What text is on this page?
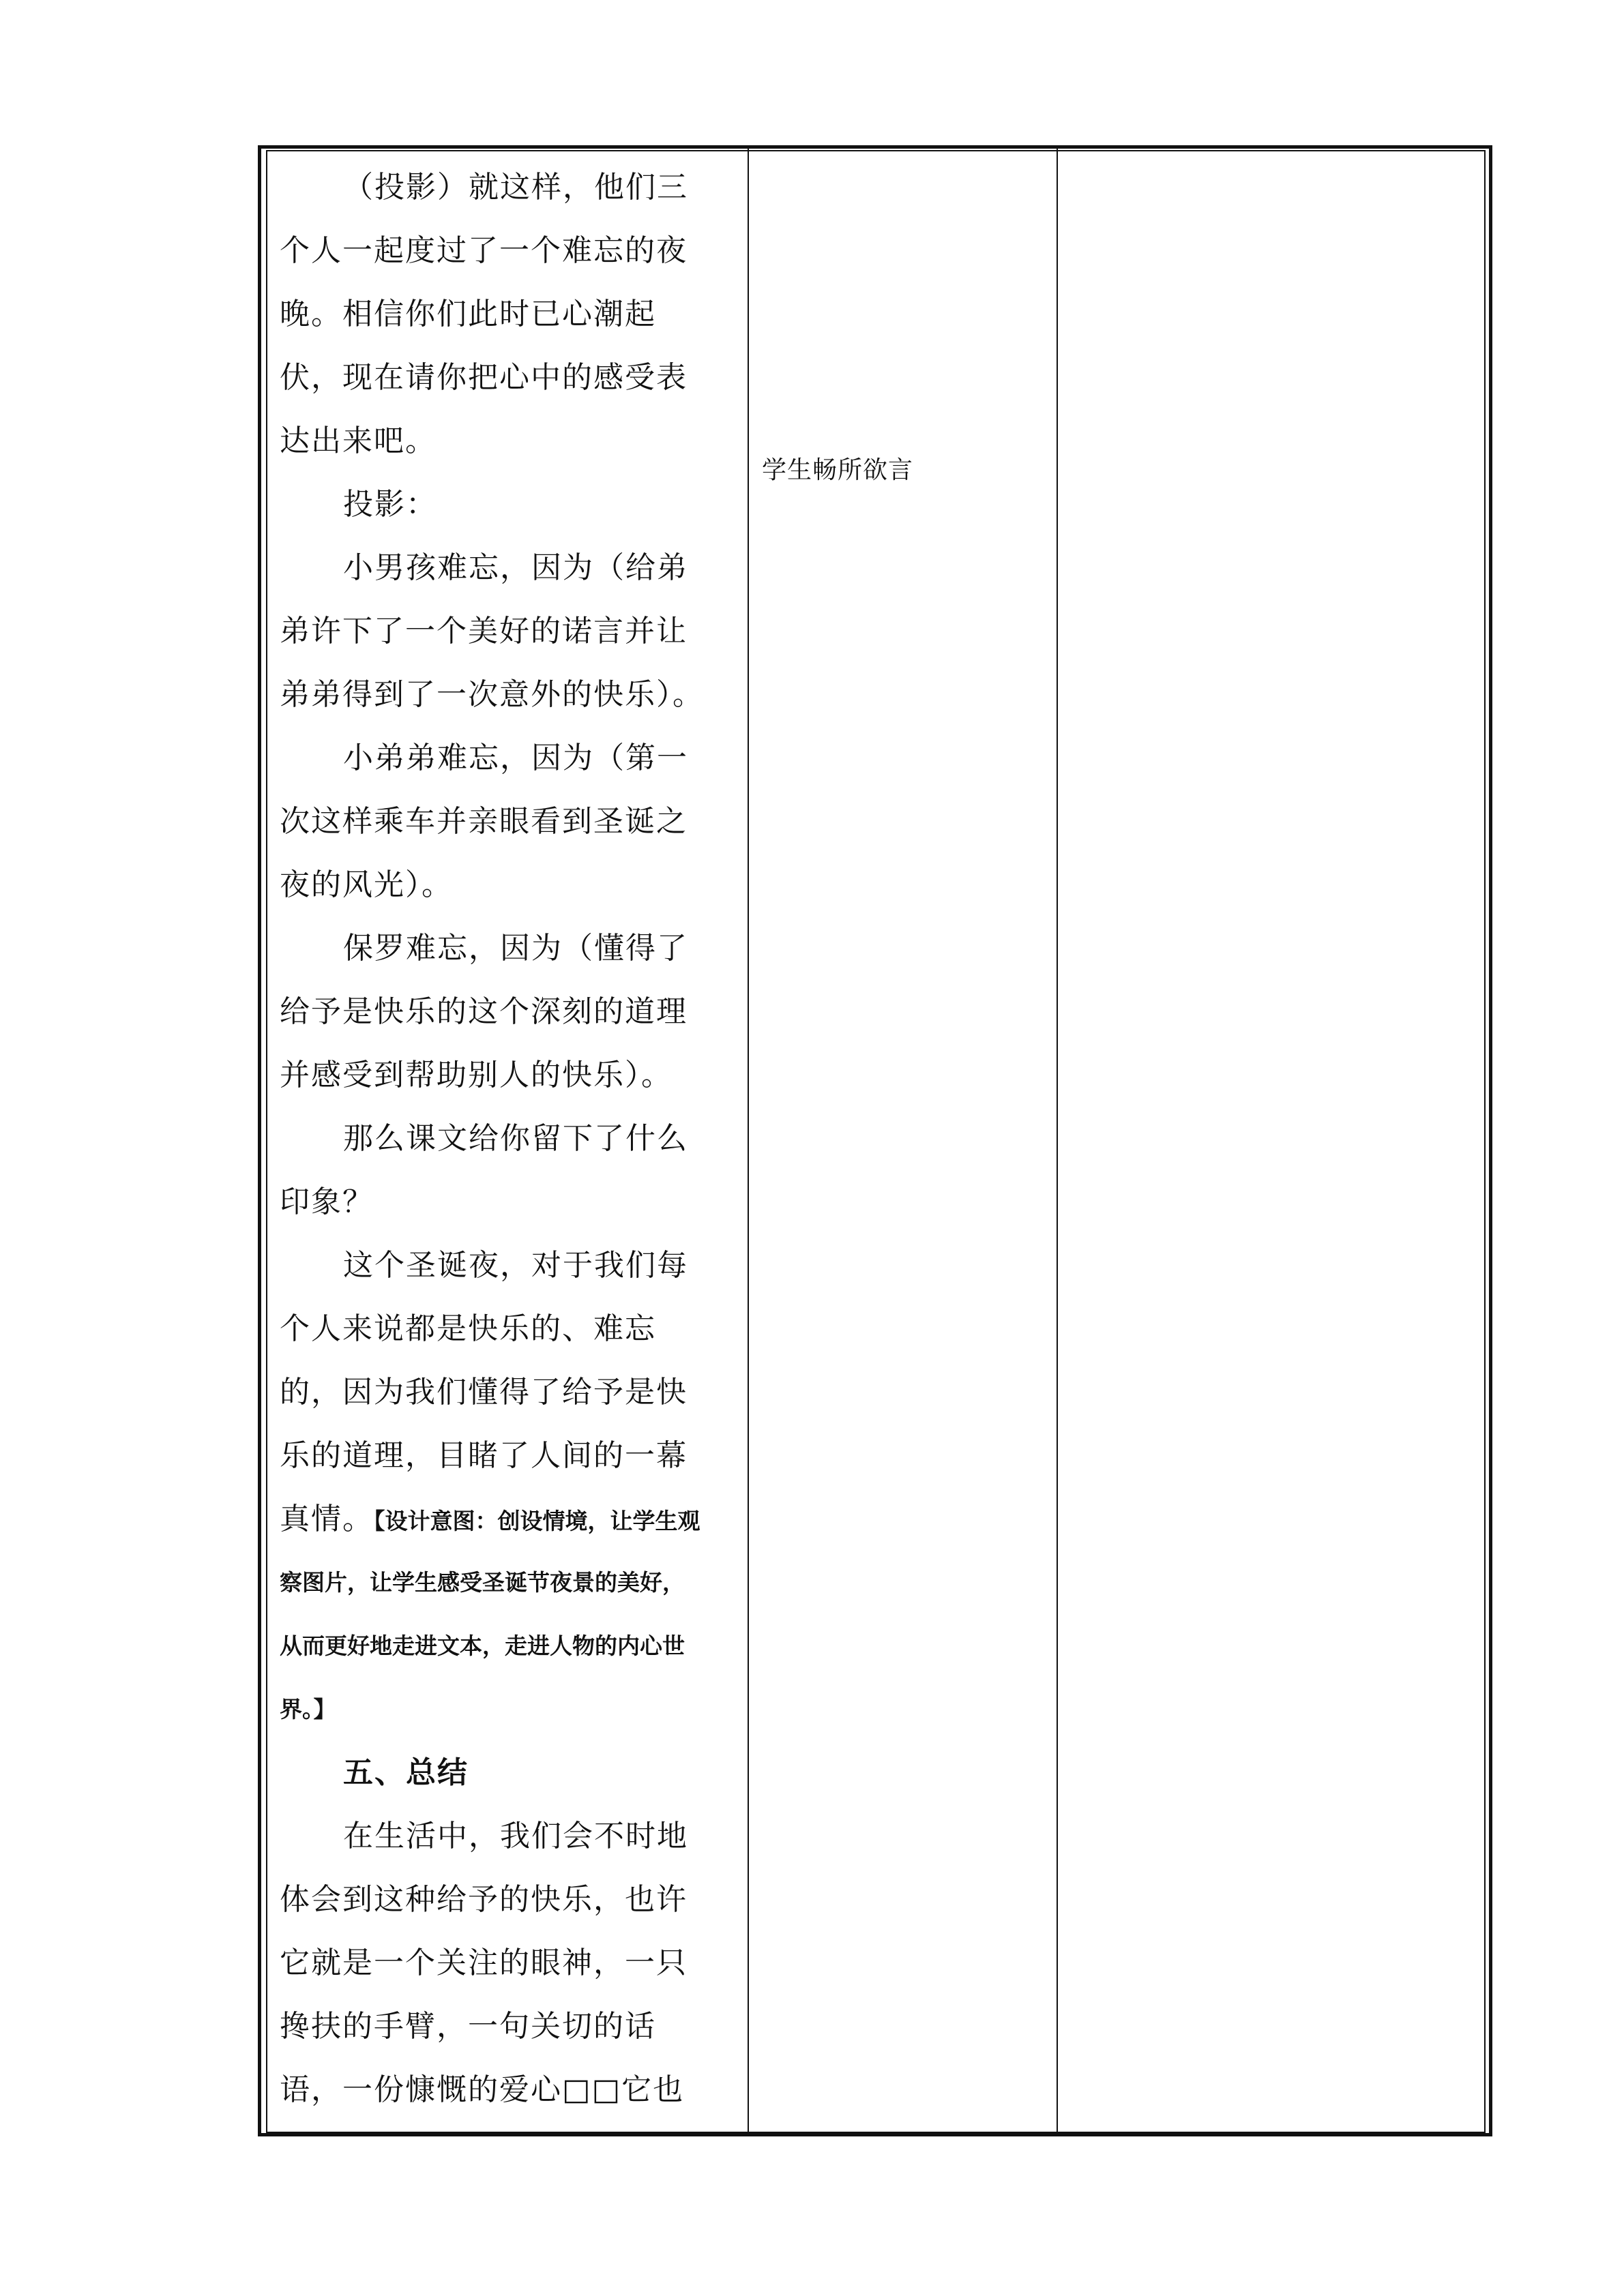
（投影）就这样，他们三
个人一起度过了一个难忘的夜
晚。相信你们此时已心潮起
伏，现在请你把心中的感受表
达出来吧。
投影：
小男孩难忘，因为（给弟
弟许下了一个美好的诺言并让
弟弟得到了一次意外的快乐）。
小弟弟难忘，因为（第一
次这样乘车并亲眼看到圣诞之
夜的风光）。
保罗难忘，因为（懂得了
给予是快乐的这个深刻的道理
并感受到帮助别人的快乐）。
那么课文给你留下了什么
印象？
这个圣诞夜，对于我们每
个人来说都是快乐的、难忘
的，因为我们懂得了给予是快
乐的道理，目睹了人间的一幕
真情。【设计意图：创设情境，让学生观
察图片，让学生感受圣诞节夜景的美好，
从而更好地走进文本，走进人物的内心世
界。】
五、总结
在生活中，我们会不时地
体会到这种给予的快乐，也许
它就是一个关注的眼神，一只
搀扶的手臂，一句关切的话
语，一份慷慨的爱心□□它也
学生畅所欲言
